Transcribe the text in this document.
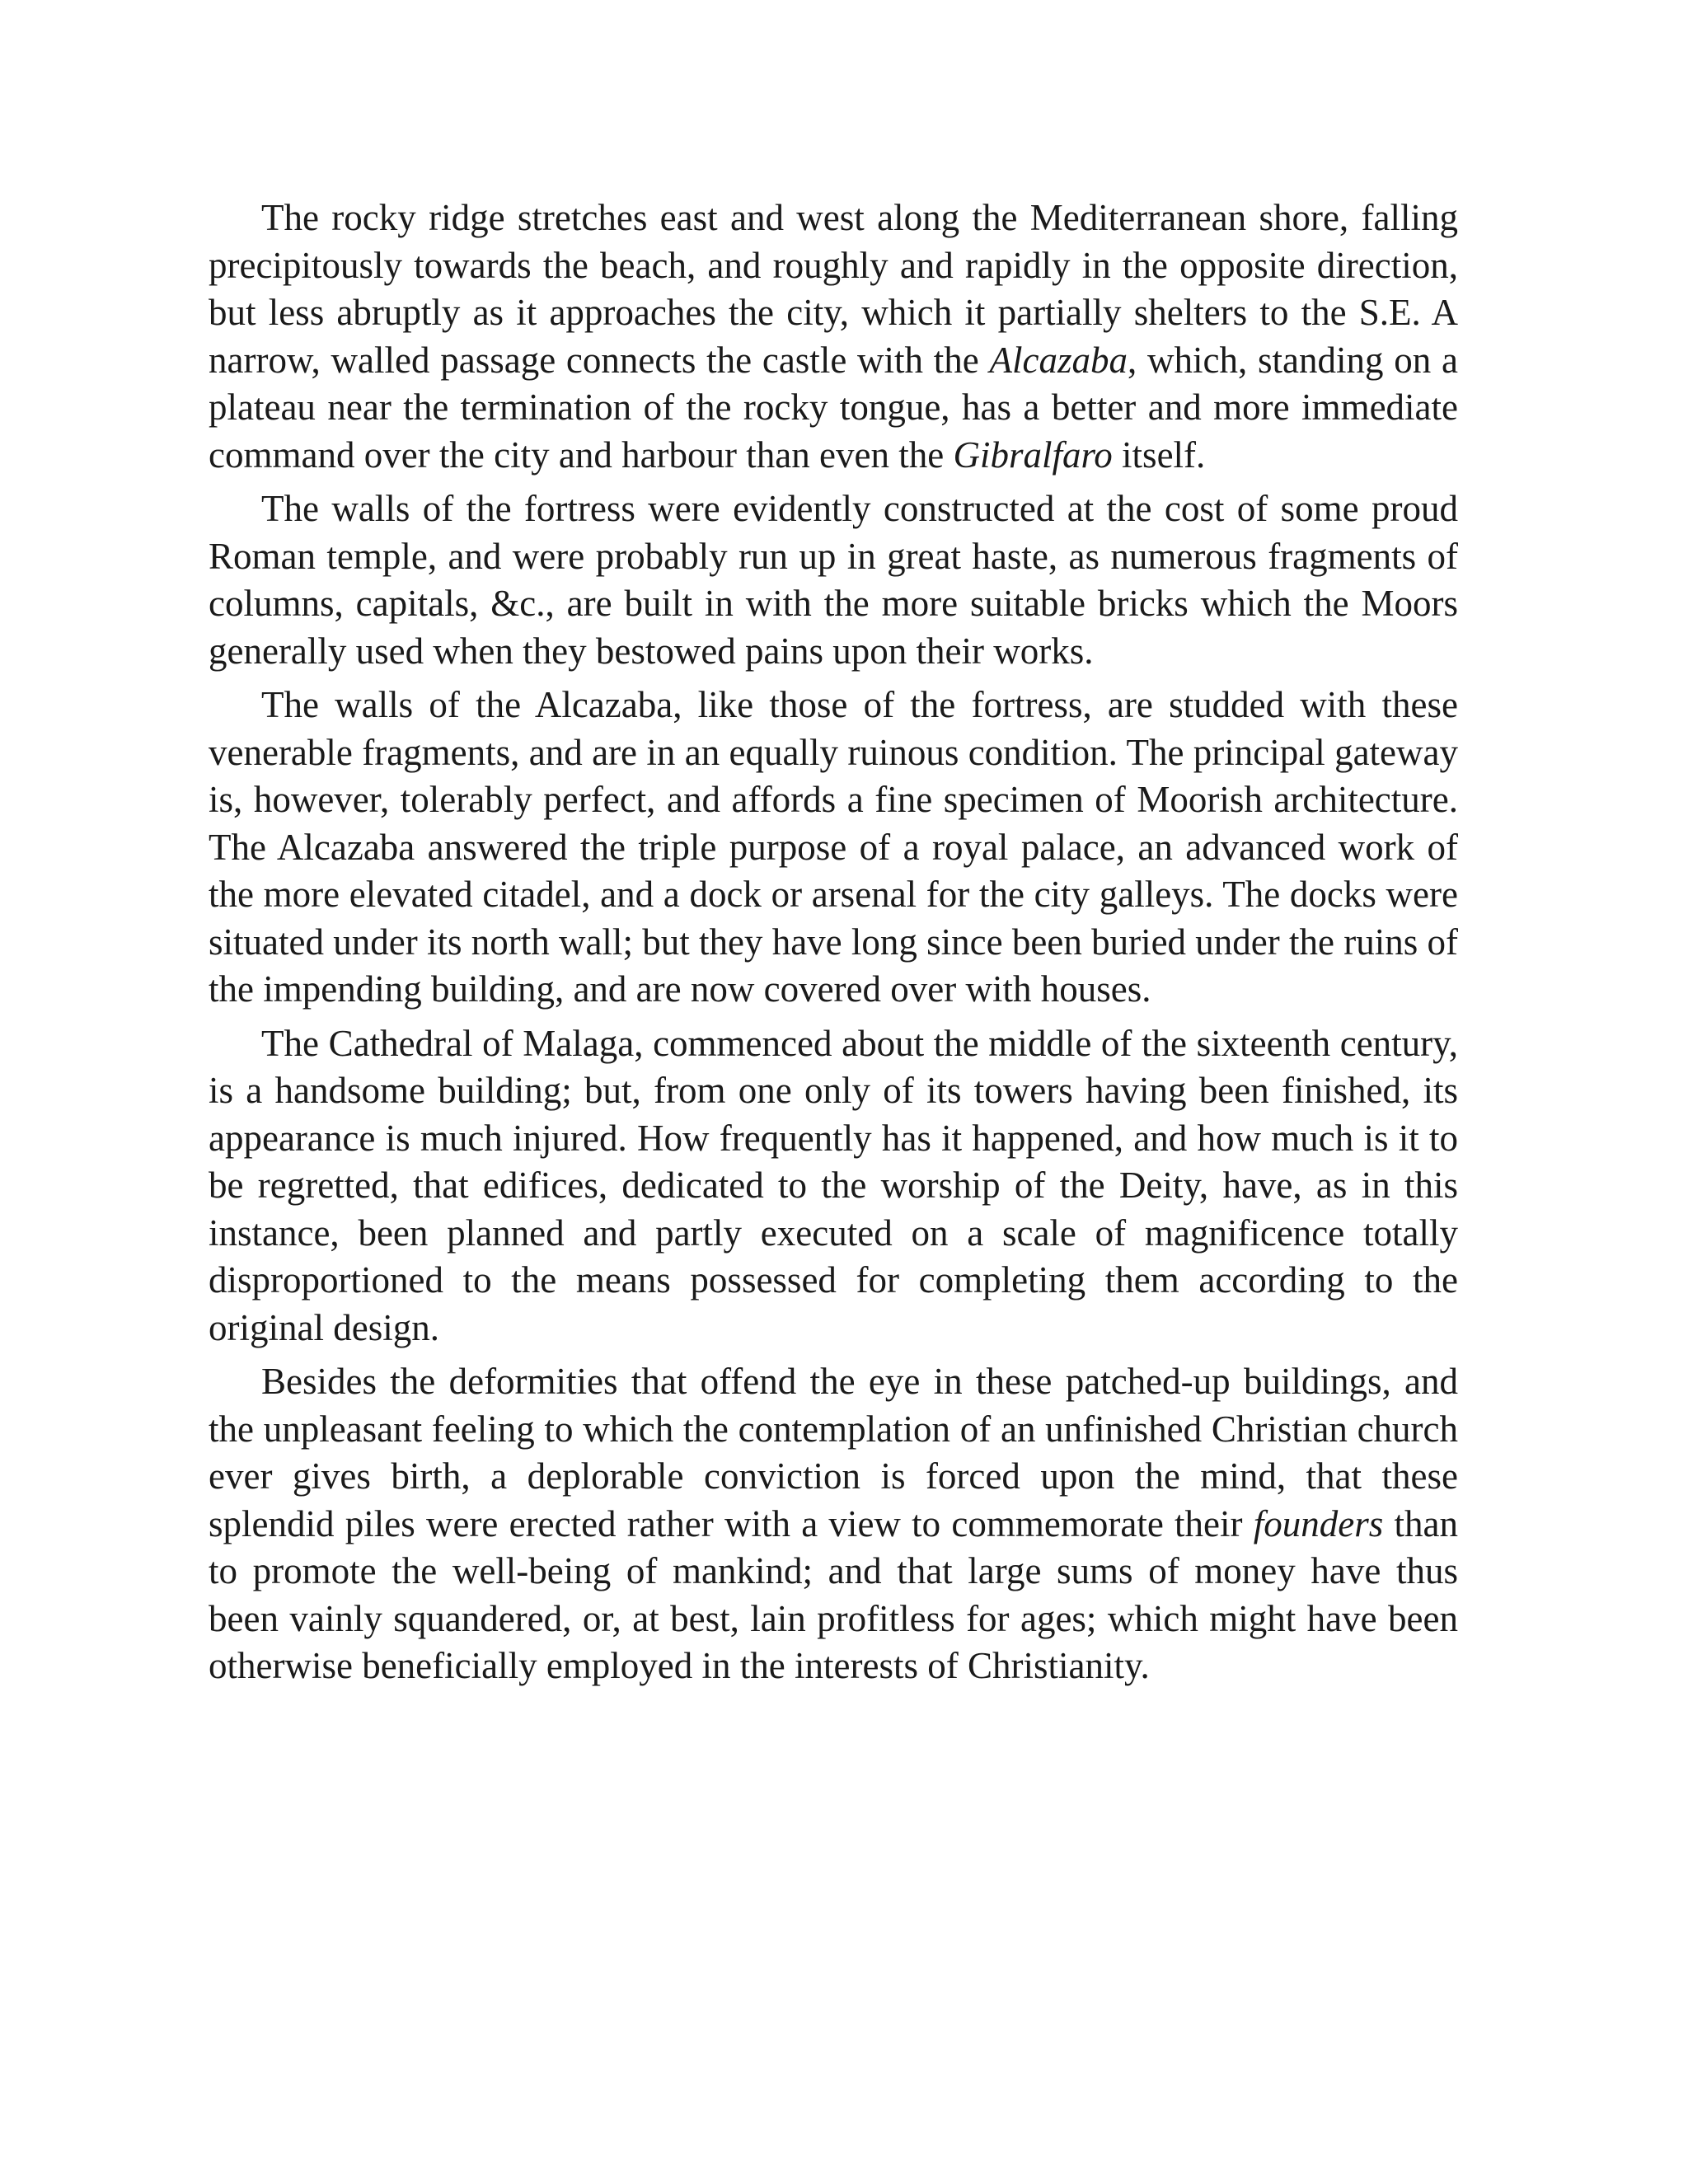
The rocky ridge stretches east and west along the Mediterranean shore, falling precipitously towards the beach, and roughly and rapidly in the opposite direction, but less abruptly as it approaches the city, which it partially shelters to the S.E. A narrow, walled passage connects the castle with the Alcazaba, which, standing on a plateau near the termination of the rocky tongue, has a better and more immediate command over the city and harbour than even the Gibralfaro itself.

The walls of the fortress were evidently constructed at the cost of some proud Roman temple, and were probably run up in great haste, as numerous fragments of columns, capitals, &c., are built in with the more suitable bricks which the Moors generally used when they bestowed pains upon their works.

The walls of the Alcazaba, like those of the fortress, are studded with these venerable fragments, and are in an equally ruinous condition. The principal gateway is, however, tolerably perfect, and affords a fine specimen of Moorish architecture. The Alcazaba answered the triple purpose of a royal palace, an advanced work of the more elevated citadel, and a dock or arsenal for the city galleys. The docks were situated under its north wall; but they have long since been buried under the ruins of the impending building, and are now covered over with houses.

The Cathedral of Malaga, commenced about the middle of the sixteenth century, is a handsome building; but, from one only of its towers having been finished, its appearance is much injured. How frequently has it happened, and how much is it to be regretted, that edifices, dedicated to the worship of the Deity, have, as in this instance, been planned and partly executed on a scale of magnificence totally disproportioned to the means possessed for completing them according to the original design.

Besides the deformities that offend the eye in these patched-up buildings, and the unpleasant feeling to which the contemplation of an unfinished Christian church ever gives birth, a deplorable conviction is forced upon the mind, that these splendid piles were erected rather with a view to commemorate their founders than to promote the well-being of mankind; and that large sums of money have thus been vainly squandered, or, at best, lain profitless for ages; which might have been otherwise beneficially employed in the interests of Christianity.
